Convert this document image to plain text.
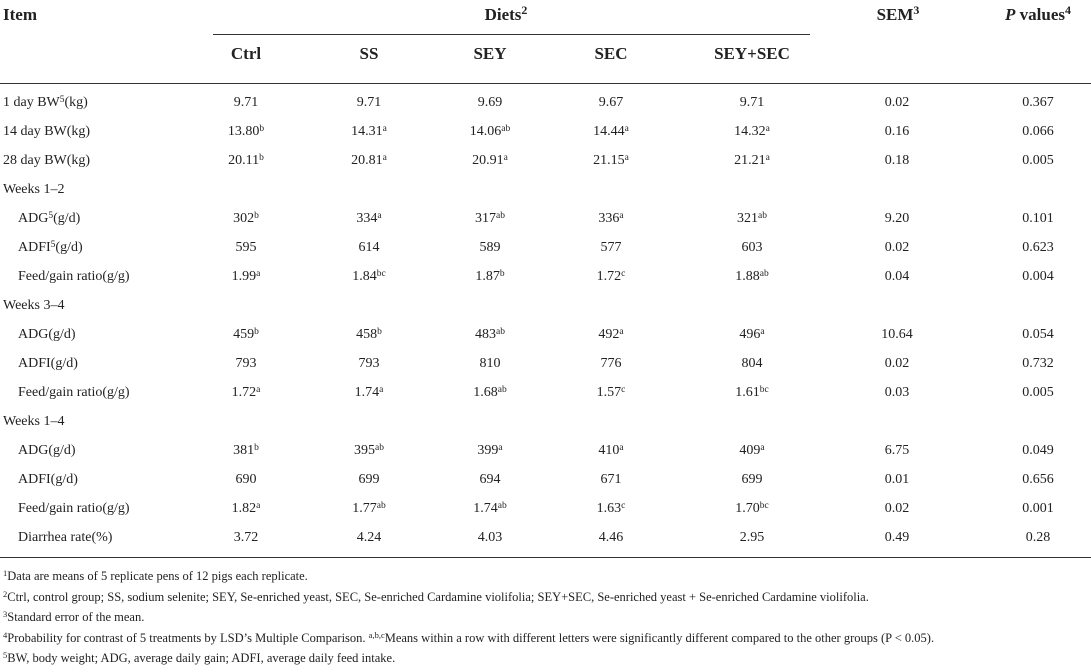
Item	Diets$^2$	SEM$^3$	P values$^4$
Ctrl	SS	SEY	SEC	SEY+SEC
1 day $BW^5(kg)$	9.71	9.71	9.69	9.67	9.71	0.02	0.367
14 day BW(kg)	13.80$^b$	14.31$^a$	14.06$^{ab}$	14.44$^a$	14.32$^a$	0.16	0.066
28 day BW(kg)	20.11$^b$	20.81$^a$	20.91$^a$	21.15$^a$	21.21$^a$	0.18	0.005
Weeks 1–2
ADG$^5$(g/d)	302$^b$	334$^a$	$317^{ab}$	336$^a$	$321^{ab}$	9.20	0.101
ADFI$^5$(g/d)	595	614	589	577	603	0.02	0.623
Feed/gain ratio(g/g)	1.99$^a$	1.84$^{bc}$	1.87$^b$	1.72$^c$	1.88$^{ab}$	0.04	0.004
Weeks 3–4
ADG(g/d)	459$^b$	458$^b$	$483^{ab}$	492$^a$	496$^a$	10.64	0.054
ADFI(g/d)	793	793	810	776	804	0.02	0.732
Feed/gain ratio(g/g)	1.72$^a$	1.74$^a$	1.68$^{ab}$	1.57$^c$	1.61$^{bc}$	0.03	0.005
Weeks 1–4
ADG(g/d)	381$^b$	$395^{ab}$	399$^a$	410$^a$	409$^a$	6.75	0.049
ADFI(g/d)	690	699	694	671	699	0.01	0.656
Feed/gain ratio(g/g)	1.82$^a$	1.77$^{ab}$	1.74$^{ab}$	1.63$^c$	1.70$^{bc}$	0.02	0.001
Diarrhea rate(%)	3.72	4.24	4.03	4.46	2.95	0.49	0.28
$^1$Data are means of 5 replicate pens of 12 pigs each replicate.
$^2$Ctrl, control group; SS, sodium selenite; SEY, Se-enriched yeast, SEC, Se-enriched Cardamine violifolia; SEY+SEC, Se-enriched yeast + Se-enriched Cardamine violifolia.
$^3$Standard error of the mean.
$^4$Probability for contrast of 5 treatments by LSD’s Multiple Comparison. $^{a,b,c}$Means within a row with different letters were significantly different compared to the other groups (P < 0.05).
$^5$BW, body weight; ADG, average daily gain; ADFI, average daily feed intake.
